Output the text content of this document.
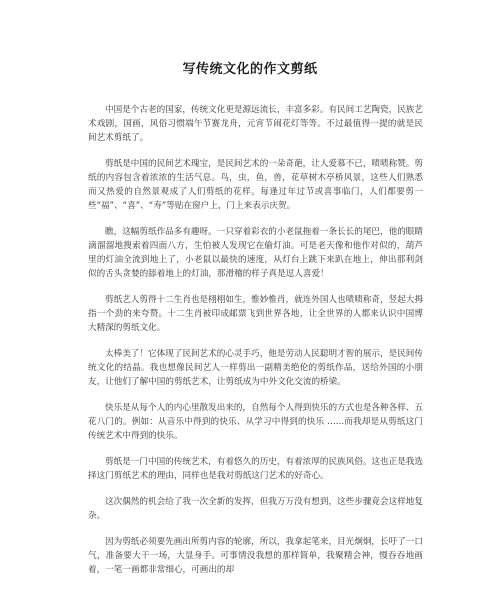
写传统文化的作文剪纸

中国是个古老的国家，传统文化更是源远流长，丰富多彩。有民间工艺陶瓷，民族艺术戏剧，国画，风俗习惯端午节赛龙舟，元宵节闹花灯等等。不过最值得一提的就是民间艺术剪纸了。

剪纸是中国的民间艺术瑰宝，是民间艺术的一朵奇葩，让人爱慕不已，啧啧称赞。剪纸的内容包含着浓浓的生活气息。鸟，虫，鱼，兽，花草树木亭桥风景，这些人们熟悉而又热爱的自然景观成了人们剪纸的花样。每逢过年过节或喜事临门，人们都要剪一些“福”、“喜”、“寿”等贴在窗户上，门上来表示庆贺。

瞧，这幅剪纸作品多有趣呀。一只穿着彩衣的小老鼠拖着一条长长的尾巴，他的眼睛滴溜溜地搜索着四面八方，生怕被人发现它在偷灯油。可是老天像和他作对似的，葫芦里的灯油全流到地上了，小老鼠以最快的速度，从灯台上跳下来趴在地上，伸出那利剑似的舌头贪婪的舔着地上的灯油，那滑稽的样子真是逗人喜爱！

剪纸艺人剪得十二生肖也是栩栩如生，惟妙惟肖，就连外国人也啧啧称奇，竖起大拇指一个劲的来夸赞。十二生肖被印成邮票飞到世界各地，让全世界的人都来认识中国博大精深的剪纸文化。

太棒美了！它体现了民间艺术的心灵手巧，他是劳动人民聪明才智的展示，是民间传统文化的结晶。我也想像民间艺人一样剪出一副精美绝伦的剪纸作品，送给外国的小朋友，让他们了解中国的剪纸艺术，让剪纸成为中外文化交流的桥梁。

快乐是从每个人的内心里散发出来的，自然每个人得到快乐的方式也是各种各样、五花八门的。例如：从音乐中得到的快乐、从学习中得到的快乐 ……而我却是从剪纸这门传统艺术中得到的快乐。

剪纸是一门中国的传统艺术，有着悠久的历史，有着浓厚的民族风俗。这也正是我选择这门剪纸艺术的理由，同样也是我对剪纸这门艺术的好奇心。

这次偶然的机会给了我一次全新的发挥，但我万万没有想到，这些步骤竟会这样地复杂。

因为剪纸必须要先画出所剪内容的轮廓，所以，我拿起笔来，目光炯炯，长吁了一口气，准备要大干一场，大显身手。可事情没我想的那样简单，我聚精会神，慢吞吞地画着，一笔一画都非常细心，可画出的却
